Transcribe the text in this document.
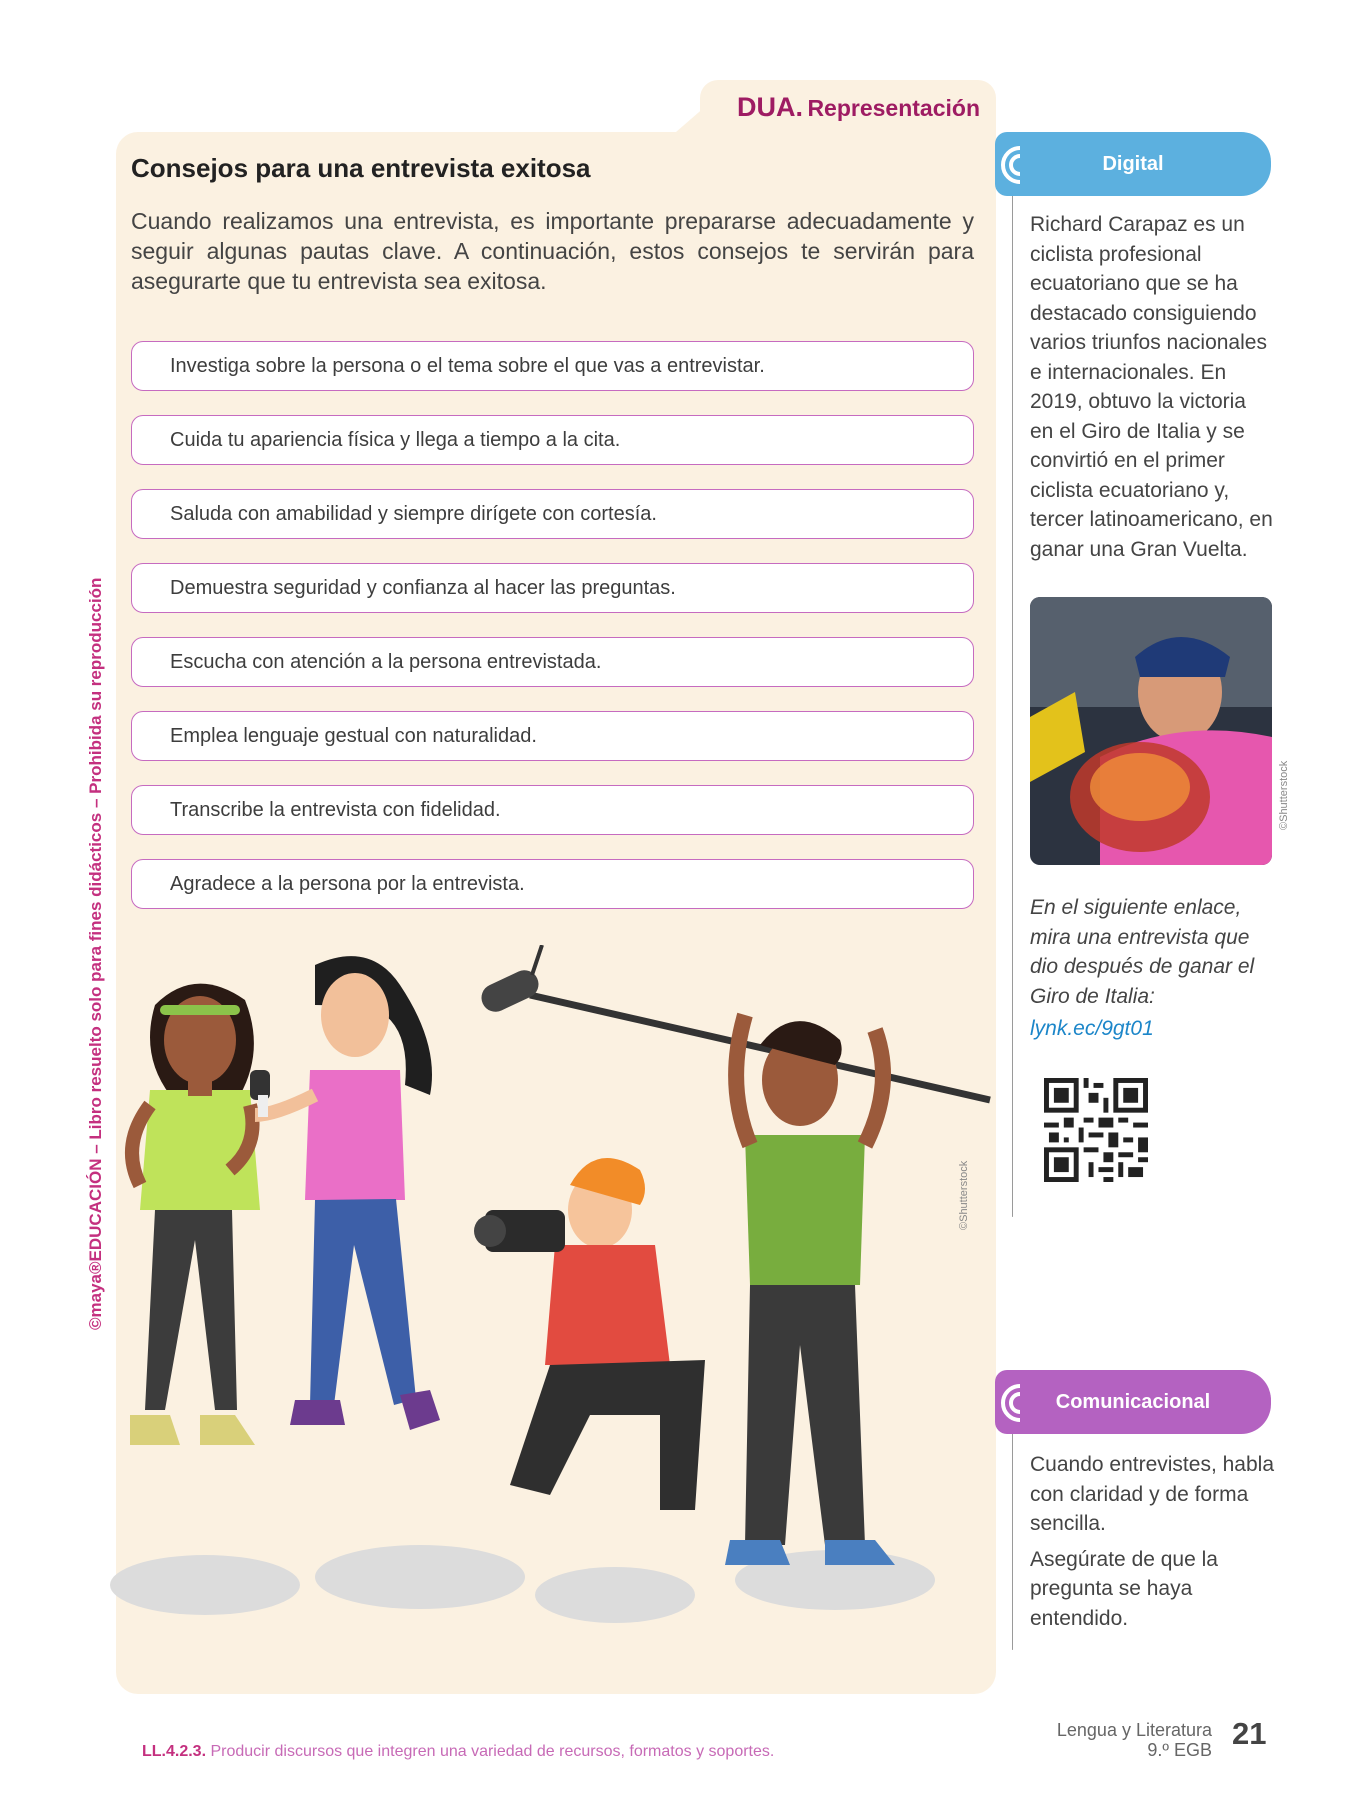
DUA. Representación
Consejos para una entrevista exitosa

Cuando realizamos una entrevista, es importante prepararse adecuadamente y seguir algunas pautas clave. A continuación, estos consejos te servirán para asegurarte que tu entrevista sea exitosa.

Investiga sobre la persona o el tema sobre el que vas a entrevistar.
Cuida tu apariencia física y llega a tiempo a la cita.
Saluda con amabilidad y siempre dirígete con cortesía.
Demuestra seguridad y confianza al hacer las preguntas.
Escucha con atención a la persona entrevistada.
Emplea lenguaje gestual con naturalidad.
Transcribe la entrevista con fidelidad.
Agradece a la persona por la entrevista.
©maya®EDUCACIÓN – Libro resuelto solo para fines didácticos – Prohibida su reproducción	©Shutterstock
Digital
Richard Carapaz es un ciclista profesional ecuatoriano que se ha destacado consiguiendo varios triunfos nacionales e internacionales. En 2019, obtuvo la victoria en el Giro de Italia y se convirtió en el primer ciclista ecuatoriano y, tercer latinoamericano, en ganar una Gran Vuelta.
©Shutterstock
En el siguiente enlace, mira una entrevista que dio después de ganar el Giro de Italia:
lynk.ec/9gt01
Comunicacional

Cuando entrevistes, habla con claridad y de forma sencilla.

Asegúrate de que la pregunta se haya entendido.

LL.4.2.3. Producir discursos que integren una variedad de recursos, formatos y soportes.
Lengua y Literatura
9.º EGB 21
